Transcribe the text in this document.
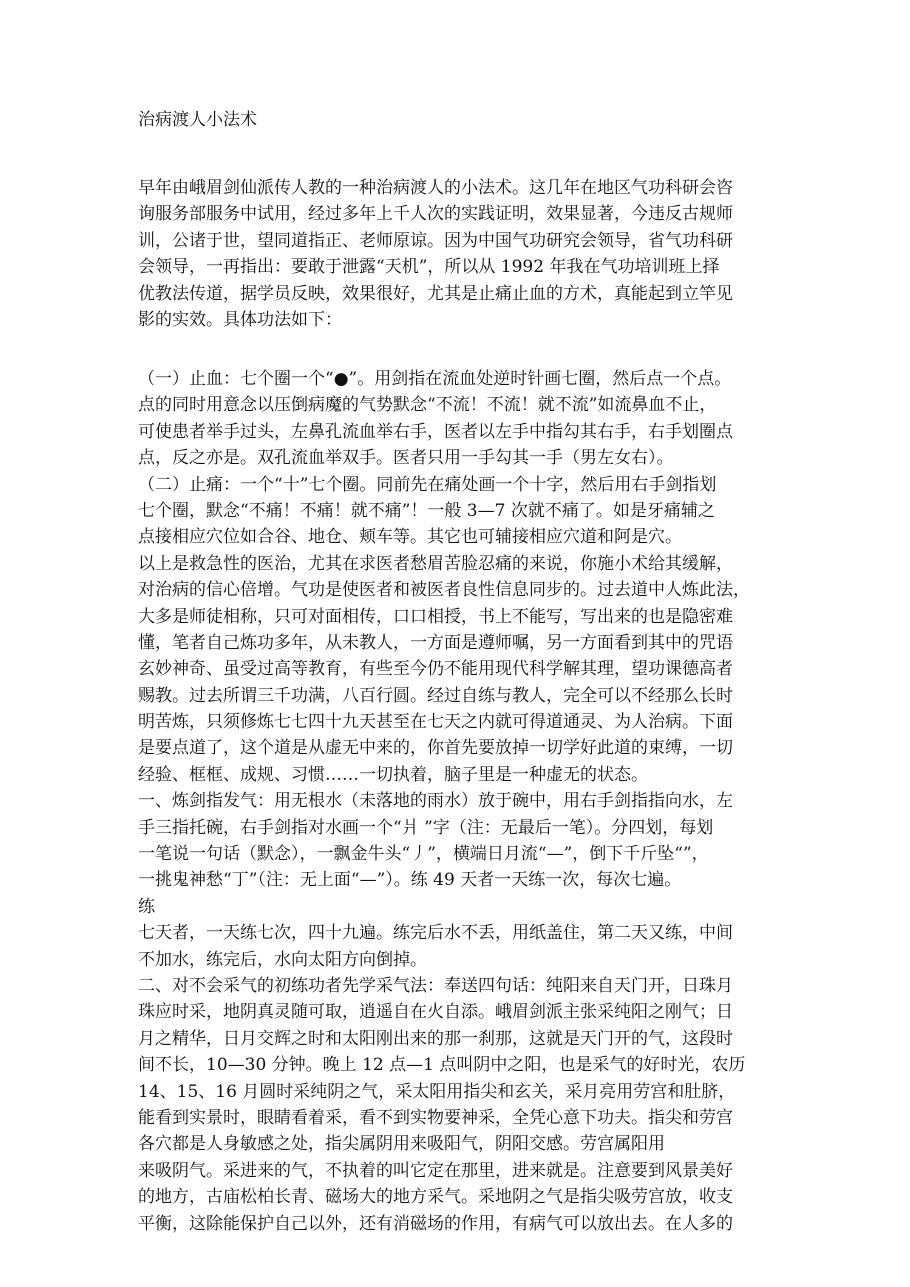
治病渡人小法术
早年由峨眉剑仙派传人教的一种治病渡人的小法术。这几年在地区气功科研会咨
询服务部服务中试用，经过多年上千人次的实践证明，效果显著，今违反古规师
训，公诸于世，望同道指正、老师原谅。因为中国气功研究会领导，省气功科研
会领导，一再指出：要敢于泄露“天机”，所以从 1992 年我在气功培训班上择
优教法传道，据学员反映，效果很好，尤其是止痛止血的方术，真能起到立竿见
影的实效。具体功法如下：
（一）止血：七个圈一个“●”。用剑指在流血处逆时针画七圈，然后点一个点。
点的同时用意念以压倒病魔的气势默念“不流！不流！就不流”如流鼻血不止，
可使患者举手过头，左鼻孔流血举右手，医者以左手中指勾其右手，右手划圈点
点，反之亦是。双孔流血举双手。医者只用一手勾其一手（男左女右）。
（二）止痛：一个“十”七个圈。同前先在痛处画一个十字，然后用右手剑指划
七个圈，默念“不痛！不痛！就不痛”！一般 3—7 次就不痛了。如是牙痛辅之
点接相应穴位如合谷、地仓、颊车等。其它也可辅接相应穴道和阿是穴。
以上是救急性的医治，尤其在求医者愁眉苦脸忍痛的来说，你施小术给其缓解，
对治病的信心倍增。气功是使医者和被医者良性信息同步的。过去道中人炼此法，
大多是师徒相称，只可对面相传，口口相授，书上不能写，写出来的也是隐密难
懂，笔者自己炼功多年，从未教人，一方面是遵师嘱，另一方面看到其中的咒语
玄妙神奇、虽受过高等教育，有些至今仍不能用现代科学解其理，望功课德高者
赐教。过去所谓三千功满，八百行圆。经过自练与教人，完全可以不经那么长时
明苦炼，只须修炼七七四十九天甚至在七天之内就可得道通灵、为人治病。下面
是要点道了，这个道是从虚无中来的，你首先要放掉一切学好此道的束缚，一切
经验、框框、成规、习惯……一切执着，脑子里是一种虚无的状态。
一、炼剑指发气：用无根水（未落地的雨水）放于碗中，用右手剑指指向水，左
手三指托碗，右手剑指对水画一个“爿 ”字（注：无最后一笔）。分四划，每划
一笔说一句话（默念），一飘金牛头“丿”，横端日月流“—”，倒下千斤坠“”，
一挑鬼神愁“丁”（注：无上面“—”）。练 49 天者一天练一次，每次七遍。
练
七天者，一天练七次，四十九遍。练完后水不丢，用纸盖住，第二天又练，中间
不加水，练完后，水向太阳方向倒掉。
二、对不会采气的初练功者先学采气法：奉送四句话：纯阳来自天门开，日珠月
珠应时采，地阴真灵随可取，逍遥自在火自添。峨眉剑派主张采纯阳之刚气；日
月之精华，日月交辉之时和太阳刚出来的那一刹那，这就是天门开的气，这段时
间不长，10—30 分钟。晚上 12 点—1 点叫阴中之阳，也是采气的好时光，农历
14、15、16 月圆时采纯阴之气，采太阳用指尖和玄关，采月亮用劳宫和肚脐，
能看到实景时，眼睛看着采，看不到实物要神采，全凭心意下功夫。指尖和劳宫
各穴都是人身敏感之处，指尖属阴用来吸阳气，阴阳交感。劳宫属阳用
来吸阴气。采进来的气，不执着的叫它定在那里，进来就是。注意要到风景美好
的地方，古庙松柏长青、磁场大的地方采气。采地阴之气是指尖吸劳宫放，收支
平衡，这除能保护自己以外，还有消磁场的作用，有病气可以放出去。在人多的
